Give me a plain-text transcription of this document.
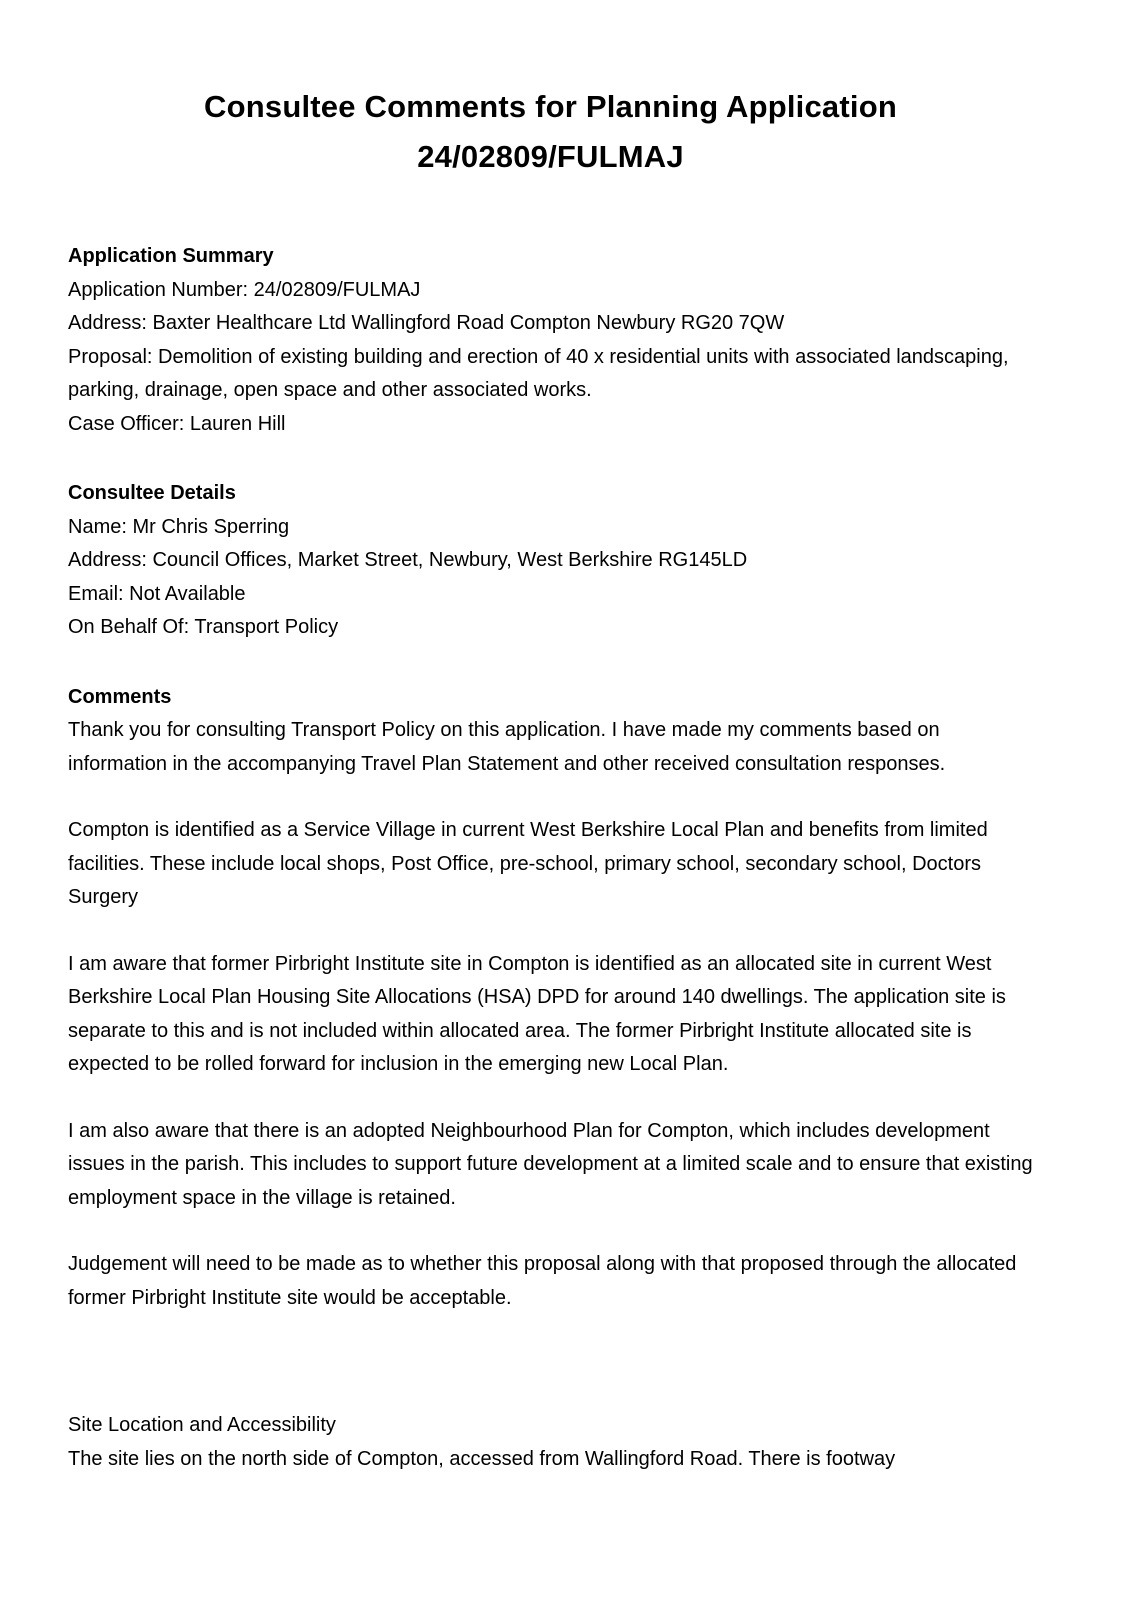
Consultee Comments for Planning Application
24/02809/FULMAJ

Application Summary

Application Number: 24/02809/FULMAJ

Address: Baxter Healthcare Ltd Wallingford Road Compton Newbury RG20 7QW

Proposal: Demolition of existing building and erection of 40 x residential units with associated landscaping, parking, drainage, open space and other associated works.

Case Officer: Lauren Hill

Consultee Details

Name: Mr Chris Sperring

Address: Council Offices, Market Street, Newbury, West Berkshire RG145LD

Email: Not Available

On Behalf Of: Transport Policy

Comments

Thank you for consulting Transport Policy on this application. I have made my comments based on information in the accompanying Travel Plan Statement and other received consultation responses.

Compton is identified as a Service Village in current West Berkshire Local Plan and benefits from limited facilities. These include local shops, Post Office, pre-school, primary school, secondary school, Doctors Surgery

I am aware that former Pirbright Institute site in Compton is identified as an allocated site in current West Berkshire Local Plan Housing Site Allocations (HSA) DPD for around 140 dwellings. The application site is separate to this and is not included within allocated area. The former Pirbright Institute allocated site is expected to be rolled forward for inclusion in the emerging new Local Plan.

I am also aware that there is an adopted Neighbourhood Plan for Compton, which includes development issues in the parish. This includes to support future development at a limited scale and to ensure that existing employment space in the village is retained.

Judgement will need to be made as to whether this proposal along with that proposed through the allocated former Pirbright Institute site would be acceptable.

Site Location and Accessibility

The site lies on the north side of Compton, accessed from Wallingford Road. There is footway
